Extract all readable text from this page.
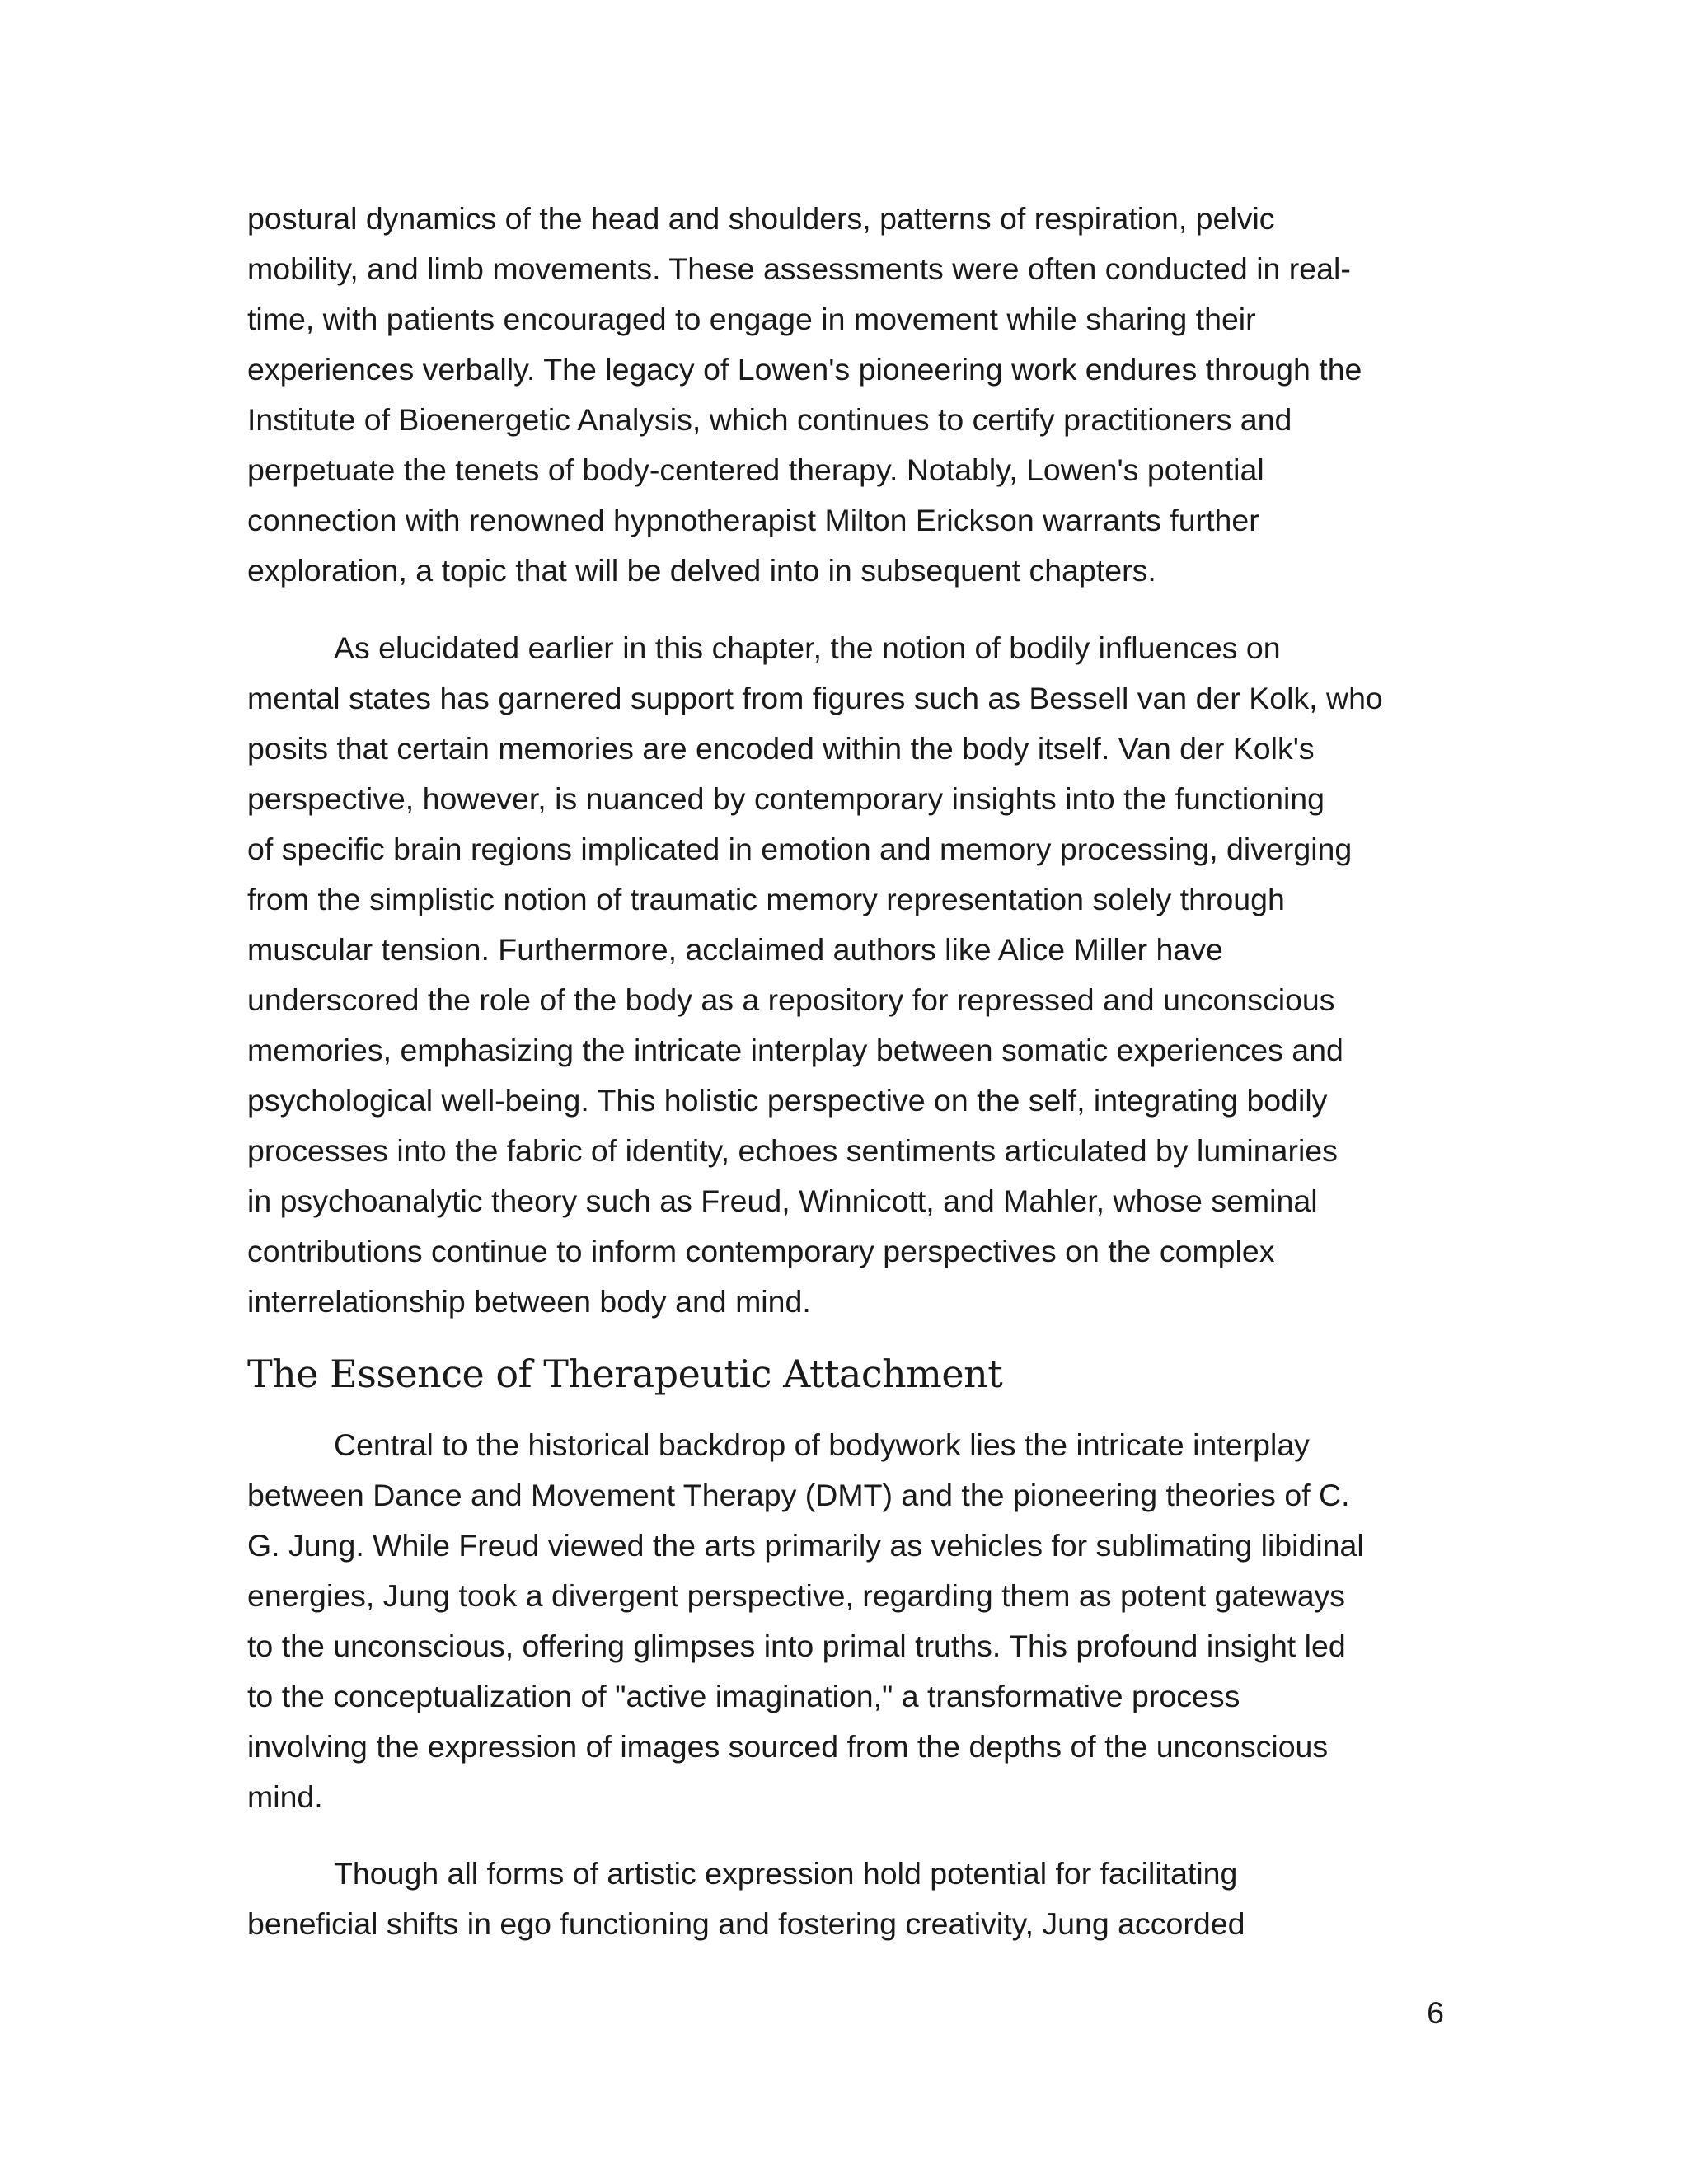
postural dynamics of the head and shoulders, patterns of respiration, pelvic
mobility, and limb movements. These assessments were often conducted in real-
time, with patients encouraged to engage in movement while sharing their
experiences verbally. The legacy of Lowen's pioneering work endures through the
Institute of Bioenergetic Analysis, which continues to certify practitioners and
perpetuate the tenets of body-centered therapy. Notably, Lowen's potential
connection with renowned hypnotherapist Milton Erickson warrants further
exploration, a topic that will be delved into in subsequent chapters.
As elucidated earlier in this chapter, the notion of bodily influences on
mental states has garnered support from figures such as Bessell van der Kolk, who
posits that certain memories are encoded within the body itself. Van der Kolk's
perspective, however, is nuanced by contemporary insights into the functioning
of specific brain regions implicated in emotion and memory processing, diverging
from the simplistic notion of traumatic memory representation solely through
muscular tension. Furthermore, acclaimed authors like Alice Miller have
underscored the role of the body as a repository for repressed and unconscious
memories, emphasizing the intricate interplay between somatic experiences and
psychological well-being. This holistic perspective on the self, integrating bodily
processes into the fabric of identity, echoes sentiments articulated by luminaries
in psychoanalytic theory such as Freud, Winnicott, and Mahler, whose seminal
contributions continue to inform contemporary perspectives on the complex
interrelationship between body and mind.
The Essence of Therapeutic Attachment
Central to the historical backdrop of bodywork lies the intricate interplay
between Dance and Movement Therapy (DMT) and the pioneering theories of C.
G. Jung. While Freud viewed the arts primarily as vehicles for sublimating libidinal
energies, Jung took a divergent perspective, regarding them as potent gateways
to the unconscious, offering glimpses into primal truths. This profound insight led
to the conceptualization of "active imagination," a transformative process
involving the expression of images sourced from the depths of the unconscious
mind.
Though all forms of artistic expression hold potential for facilitating
beneficial shifts in ego functioning and fostering creativity, Jung accorded
6
